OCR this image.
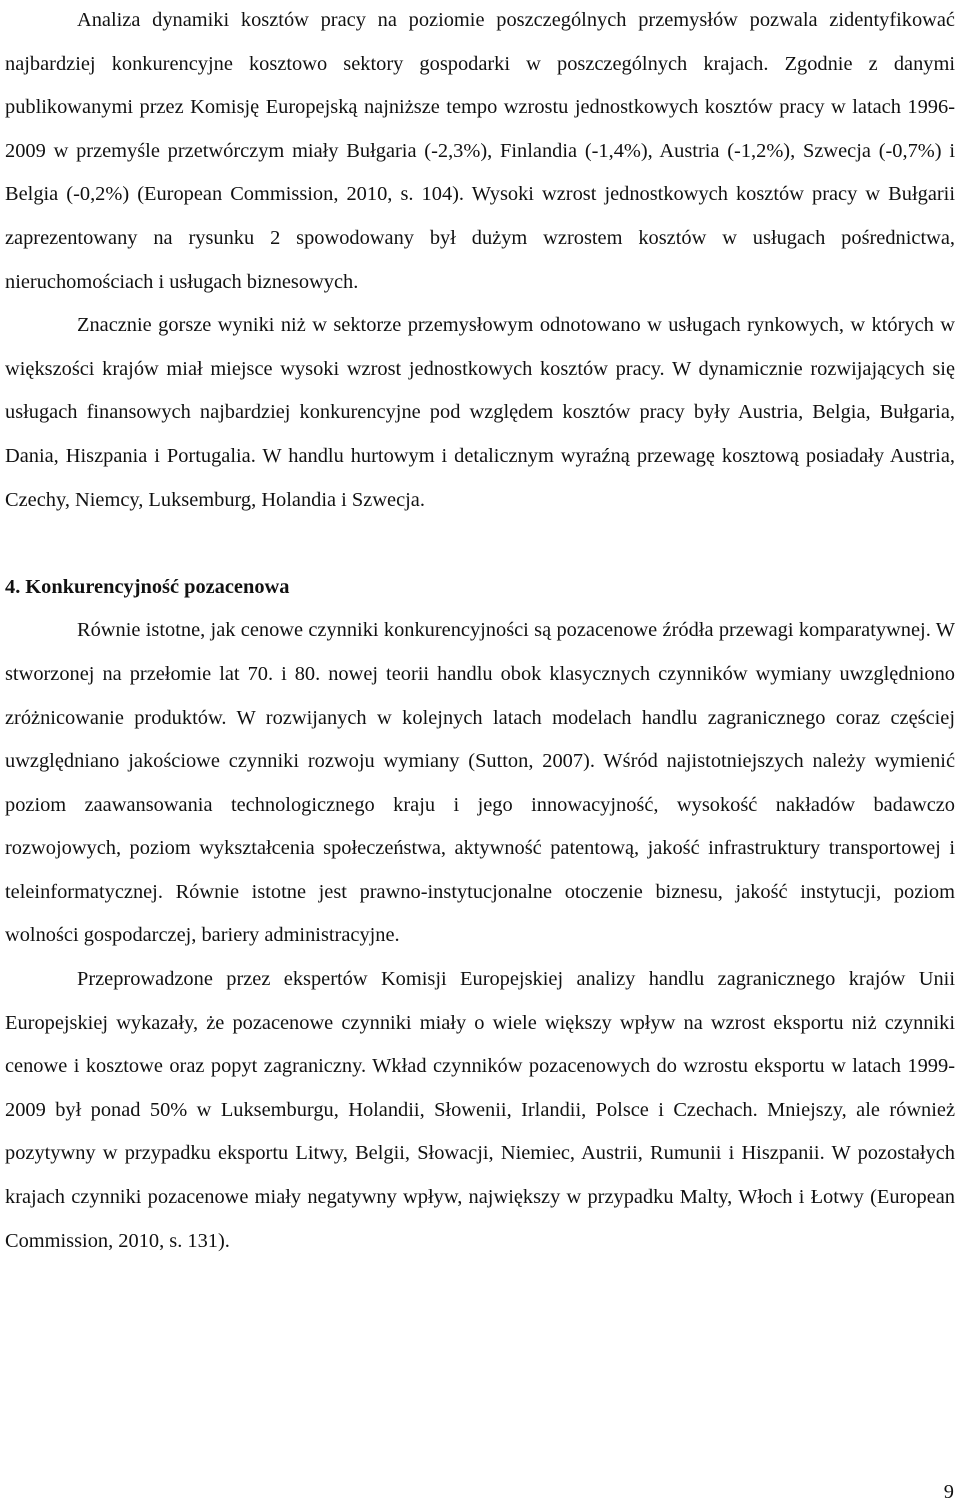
Analiza dynamiki kosztów pracy na poziomie poszczególnych przemysłów pozwala zidentyfikować najbardziej konkurencyjne kosztowo sektory gospodarki w poszczególnych krajach. Zgodnie z danymi publikowanymi przez Komisję Europejską najniższe tempo wzrostu jednostkowych kosztów pracy w latach 1996-2009 w przemyśle przetwórczym miały Bułgaria (-2,3%), Finlandia (-1,4%), Austria (-1,2%), Szwecja (-0,7%) i Belgia (-0,2%) (European Commission, 2010, s. 104). Wysoki wzrost jednostkowych kosztów pracy w Bułgarii zaprezentowany na rysunku 2 spowodowany był dużym wzrostem kosztów w usługach pośrednictwa, nieruchomościach i usługach biznesowych.

Znacznie gorsze wyniki niż w sektorze przemysłowym odnotowano w usługach rynkowych, w których w większości krajów miał miejsce wysoki wzrost jednostkowych kosztów pracy. W dynamicznie rozwijających się usługach finansowych najbardziej konkurencyjne pod względem kosztów pracy były Austria, Belgia, Bułgaria, Dania, Hiszpania i Portugalia. W handlu hurtowym i detalicznym wyraźną przewagę kosztową posiadały Austria, Czechy, Niemcy, Luksemburg, Holandia i Szwecja.

4. Konkurencyjność pozacenowa

Równie istotne, jak cenowe czynniki konkurencyjności są pozacenowe źródła przewagi komparatywnej. W stworzonej na przełomie lat 70. i 80. nowej teorii handlu obok klasycznych czynników wymiany uwzględniono zróżnicowanie produktów. W rozwijanych w kolejnych latach modelach handlu zagranicznego coraz częściej uwzględniano jakościowe czynniki rozwoju wymiany (Sutton, 2007). Wśród najistotniejszych należy wymienić poziom zaawansowania technologicznego kraju i jego innowacyjność, wysokość nakładów badawczo rozwojowych, poziom wykształcenia społeczeństwa, aktywność patentową, jakość infrastruktury transportowej i teleinformatycznej. Równie istotne jest prawno-instytucjonalne otoczenie biznesu, jakość instytucji, poziom wolności gospodarczej, bariery administracyjne.

Przeprowadzone przez ekspertów Komisji Europejskiej analizy handlu zagranicznego krajów Unii Europejskiej wykazały, że pozacenowe czynniki miały o wiele większy wpływ na wzrost eksportu niż czynniki cenowe i kosztowe oraz popyt zagraniczny. Wkład czynników pozacenowych do wzrostu eksportu w latach 1999-2009 był ponad 50% w Luksemburgu, Holandii, Słowenii, Irlandii, Polsce i Czechach. Mniejszy, ale również pozytywny w przypadku eksportu Litwy, Belgii, Słowacji, Niemiec, Austrii, Rumunii i Hiszpanii. W pozostałych krajach czynniki pozacenowe miały negatywny wpływ, największy w przypadku Malty, Włoch i Łotwy (European Commission, 2010, s. 131).

9
